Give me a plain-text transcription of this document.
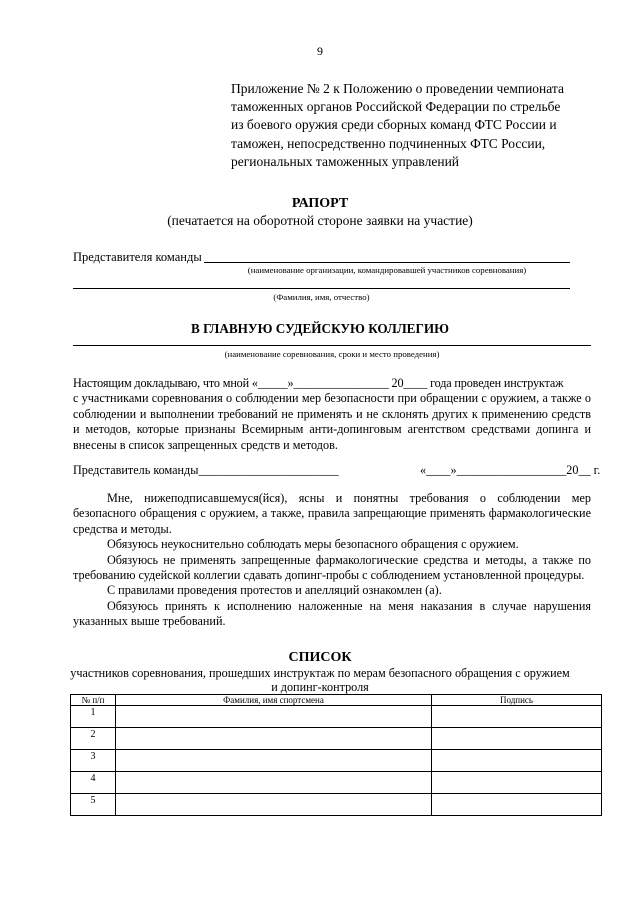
9
Приложение № 2 к Положению о проведении чемпионата
таможенных органов Российской Федерации по стрельбе
из боевого оружия среди сборных команд ФТС России и
таможен, непосредственно подчиненных ФТС России,
региональных таможенных управлений
РАПОРТ
(печатается на оборотной стороне заявки на участие)
Представителя команды
(наименование организации, командировавшей участников соревнования)
(Фамилия, имя, отчество)
В ГЛАВНУЮ СУДЕЙСКУЮ КОЛЛЕГИЮ
(наименование соревнования, сроки и место проведения)
Настоящим докладываю, что мной «_____»________________ 20____ года проведен инструктаж
с участниками соревнования о соблюдении мер безопасности при обращении с оружием, а также о соблюдении и выполнении требований не применять и не склонять других к применению средств и методов, которые признаны Всемирным анти-допинговым агентством средствами допинга и внесены в список запрещенных средств и методов.
Представитель команды_______________________	«____»__________________20__ г.

Мне, нижеподписавшемуся(йся), ясны и понятны требования о соблюдении мер безопасного обращения с оружием, а также, правила запрещающие применять фармакологические средства и методы.

Обязуюсь неукоснительно соблюдать меры безопасного обращения с оружием.

Обязуюсь не применять запрещенные фармакологические средства и методы, а также по требованию судейской коллегии сдавать допинг-пробы с соблюдением установленной процедуры.

С правилами проведения протестов и апелляций ознакомлен (а).

Обязуюсь принять к исполнению наложенные на меня наказания в случае нарушения указанных выше требований.

СПИСОК
участников соревнования, прошедших инструктаж по мерам безопасного обращения с оружием
и допинг-контроля
№ п/п	Фамилия, имя спортсмена	Подпись
1		
2		
3		
4		
5		
